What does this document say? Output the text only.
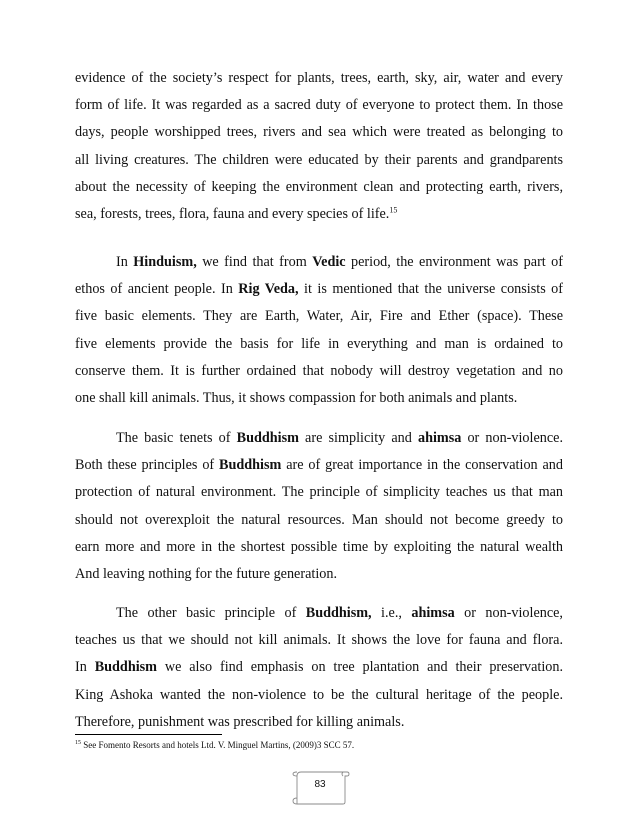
evidence of the society’s respect for plants, trees, earth, sky, air, water and every
form of life. It was regarded as a sacred duty of everyone to protect them. In those
days, people worshipped trees, rivers and sea which were treated as belonging to
all living creatures. The children were educated by their parents and grandparents
about the necessity of keeping the environment clean and protecting earth, rivers,
sea, forests, trees, flora, fauna and every species of life.$^{15}$

In Hinduism, we find that from Vedic period, the environment was part of
ethos of ancient people. In Rig Veda, it is mentioned that the universe consists of
five basic elements. They are Earth, Water, Air, Fire and Ether (space). These
five elements provide the basis for life in everything and man is ordained to
conserve them. It is further ordained that nobody will destroy vegetation and no
one shall kill animals. Thus, it shows compassion for both animals and plants.

The basic tenets of Buddhism are simplicity and ahimsa or non-violence.
Both these principles of Buddhism are of great importance in the conservation and
protection of natural environment. The principle of simplicity teaches us that man
should not overexploit the natural resources. Man should not become greedy to
earn more and more in the shortest possible time by exploiting the natural wealth
And leaving nothing for the future generation.

The other basic principle of Buddhism, i.e., ahimsa or non-violence,
teaches us that we should not kill animals. It shows the love for fauna and flora.
In Buddhism we also find emphasis on tree plantation and their preservation.
King Ashoka wanted the non-violence to be the cultural heritage of the people.
Therefore, punishment was prescribed for killing animals.

$^{15}$ See Fomento Resorts and hotels Ltd. V. Minguel Martins, (2009)3 SCC 57.
83
